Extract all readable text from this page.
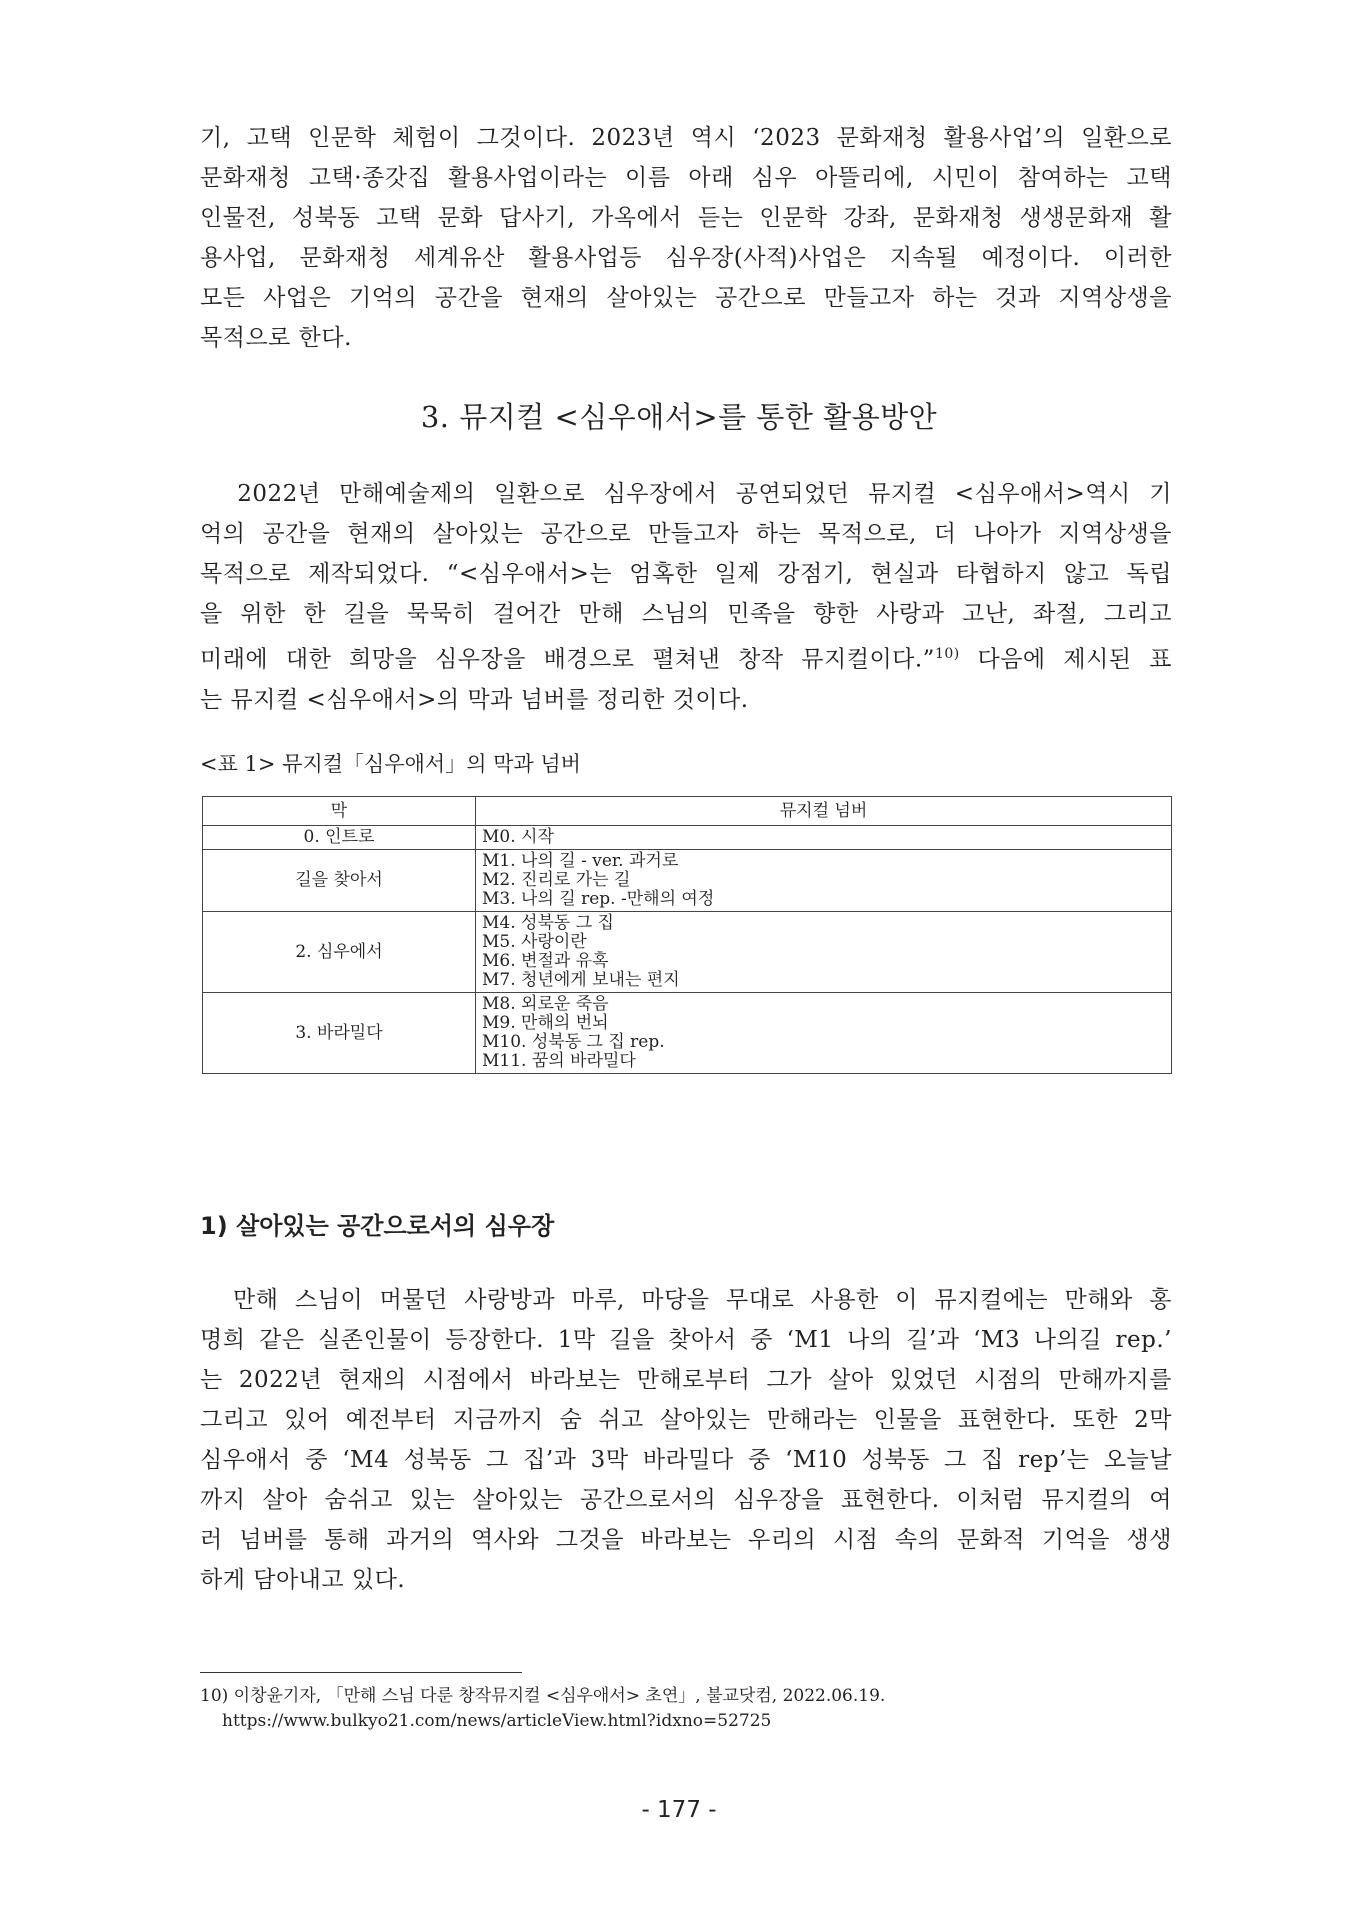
기, 고택 인문학 체험이 그것이다. 2023년 역시 ‘2023 문화재청 활용사업’의 일환으로
문화재청 고택·종갓집 활용사업이라는 이름 아래 심우 아뜰리에, 시민이 참여하는 고택
인물전, 성북동 고택 문화 답사기, 가옥에서 듣는 인문학 강좌, 문화재청 생생문화재 활
용사업, 문화재청 세계유산 활용사업등 심우장(사적)사업은 지속될 예정이다. 이러한
모든 사업은 기억의 공간을 현재의 살아있는 공간으로 만들고자 하는 것과 지역상생을
목적으로 한다.
3. 뮤지컬 <심우애서>를 통한 활용방안
2022년 만해예술제의 일환으로 심우장에서 공연되었던 뮤지컬 <심우애서>역시 기
억의 공간을 현재의 살아있는 공간으로 만들고자 하는 목적으로, 더 나아가 지역상생을
목적으로 제작되었다. “<심우애서>는 엄혹한 일제 강점기, 현실과 타협하지 않고 독립
을 위한 한 길을 묵묵히 걸어간 만해 스님의 민족을 향한 사랑과 고난, 좌절, 그리고
미래에 대한 희망을 심우장을 배경으로 펼쳐낸 창작 뮤지컬이다.”$^{10)}$ 다음에 제시된 표
는 뮤지컬 <심우애서>의 막과 넘버를 정리한 것이다.

<표 1> 뮤지컬「심우애서」의 막과 넘버

막	뮤지컬 넘버
0. 인트로	M0. 시작

길을 찾아서	M1. 나의 길 - ver. 과거로
M2. 진리로 가는 길
M3. 나의 길 rep. -만해의 여정

2. 심우에서	M4. 성북동 그 집
M5. 사랑이란
M6. 변절과 유혹
M7. 청년에게 보내는 편지

3. 바라밀다	M8. 외로운 죽음
M9. 만해의 번뇌
M10. 성북동 그 집 rep.
M11. 꿈의 바라밀다
1) 살아있는 공간으로서의 심우장
만해 스님이 머물던 사랑방과 마루, 마당을 무대로 사용한 이 뮤지컬에는 만해와 홍
명희 같은 실존인물이 등장한다. 1막 길을 찾아서 중 ‘M1 나의 길’과 ‘M3 나의길 rep.’
는 2022년 현재의 시점에서 바라보는 만해로부터 그가 살아 있었던 시점의 만해까지를
그리고 있어 예전부터 지금까지 숨 쉬고 살아있는 만해라는 인물을 표현한다. 또한 2막
심우애서 중 ‘M4 성북동 그 집’과 3막 바라밀다 중 ‘M10 성북동 그 집 rep’는 오늘날
까지 살아 숨쉬고 있는 살아있는 공간으로서의 심우장을 표현한다. 이처럼 뮤지컬의 여
러 넘버를 통해 과거의 역사와 그것을 바라보는 우리의 시점 속의 문화적 기억을 생생
하게 담아내고 있다.

10) 이창윤기자, 「만해 스님 다룬 창작뮤지컬 <심우애서> 초연」, 불교닷컴, 2022.06.19.
https://www.bulkyo21.com/news/articleView.html?idxno=52725

- 177 -
